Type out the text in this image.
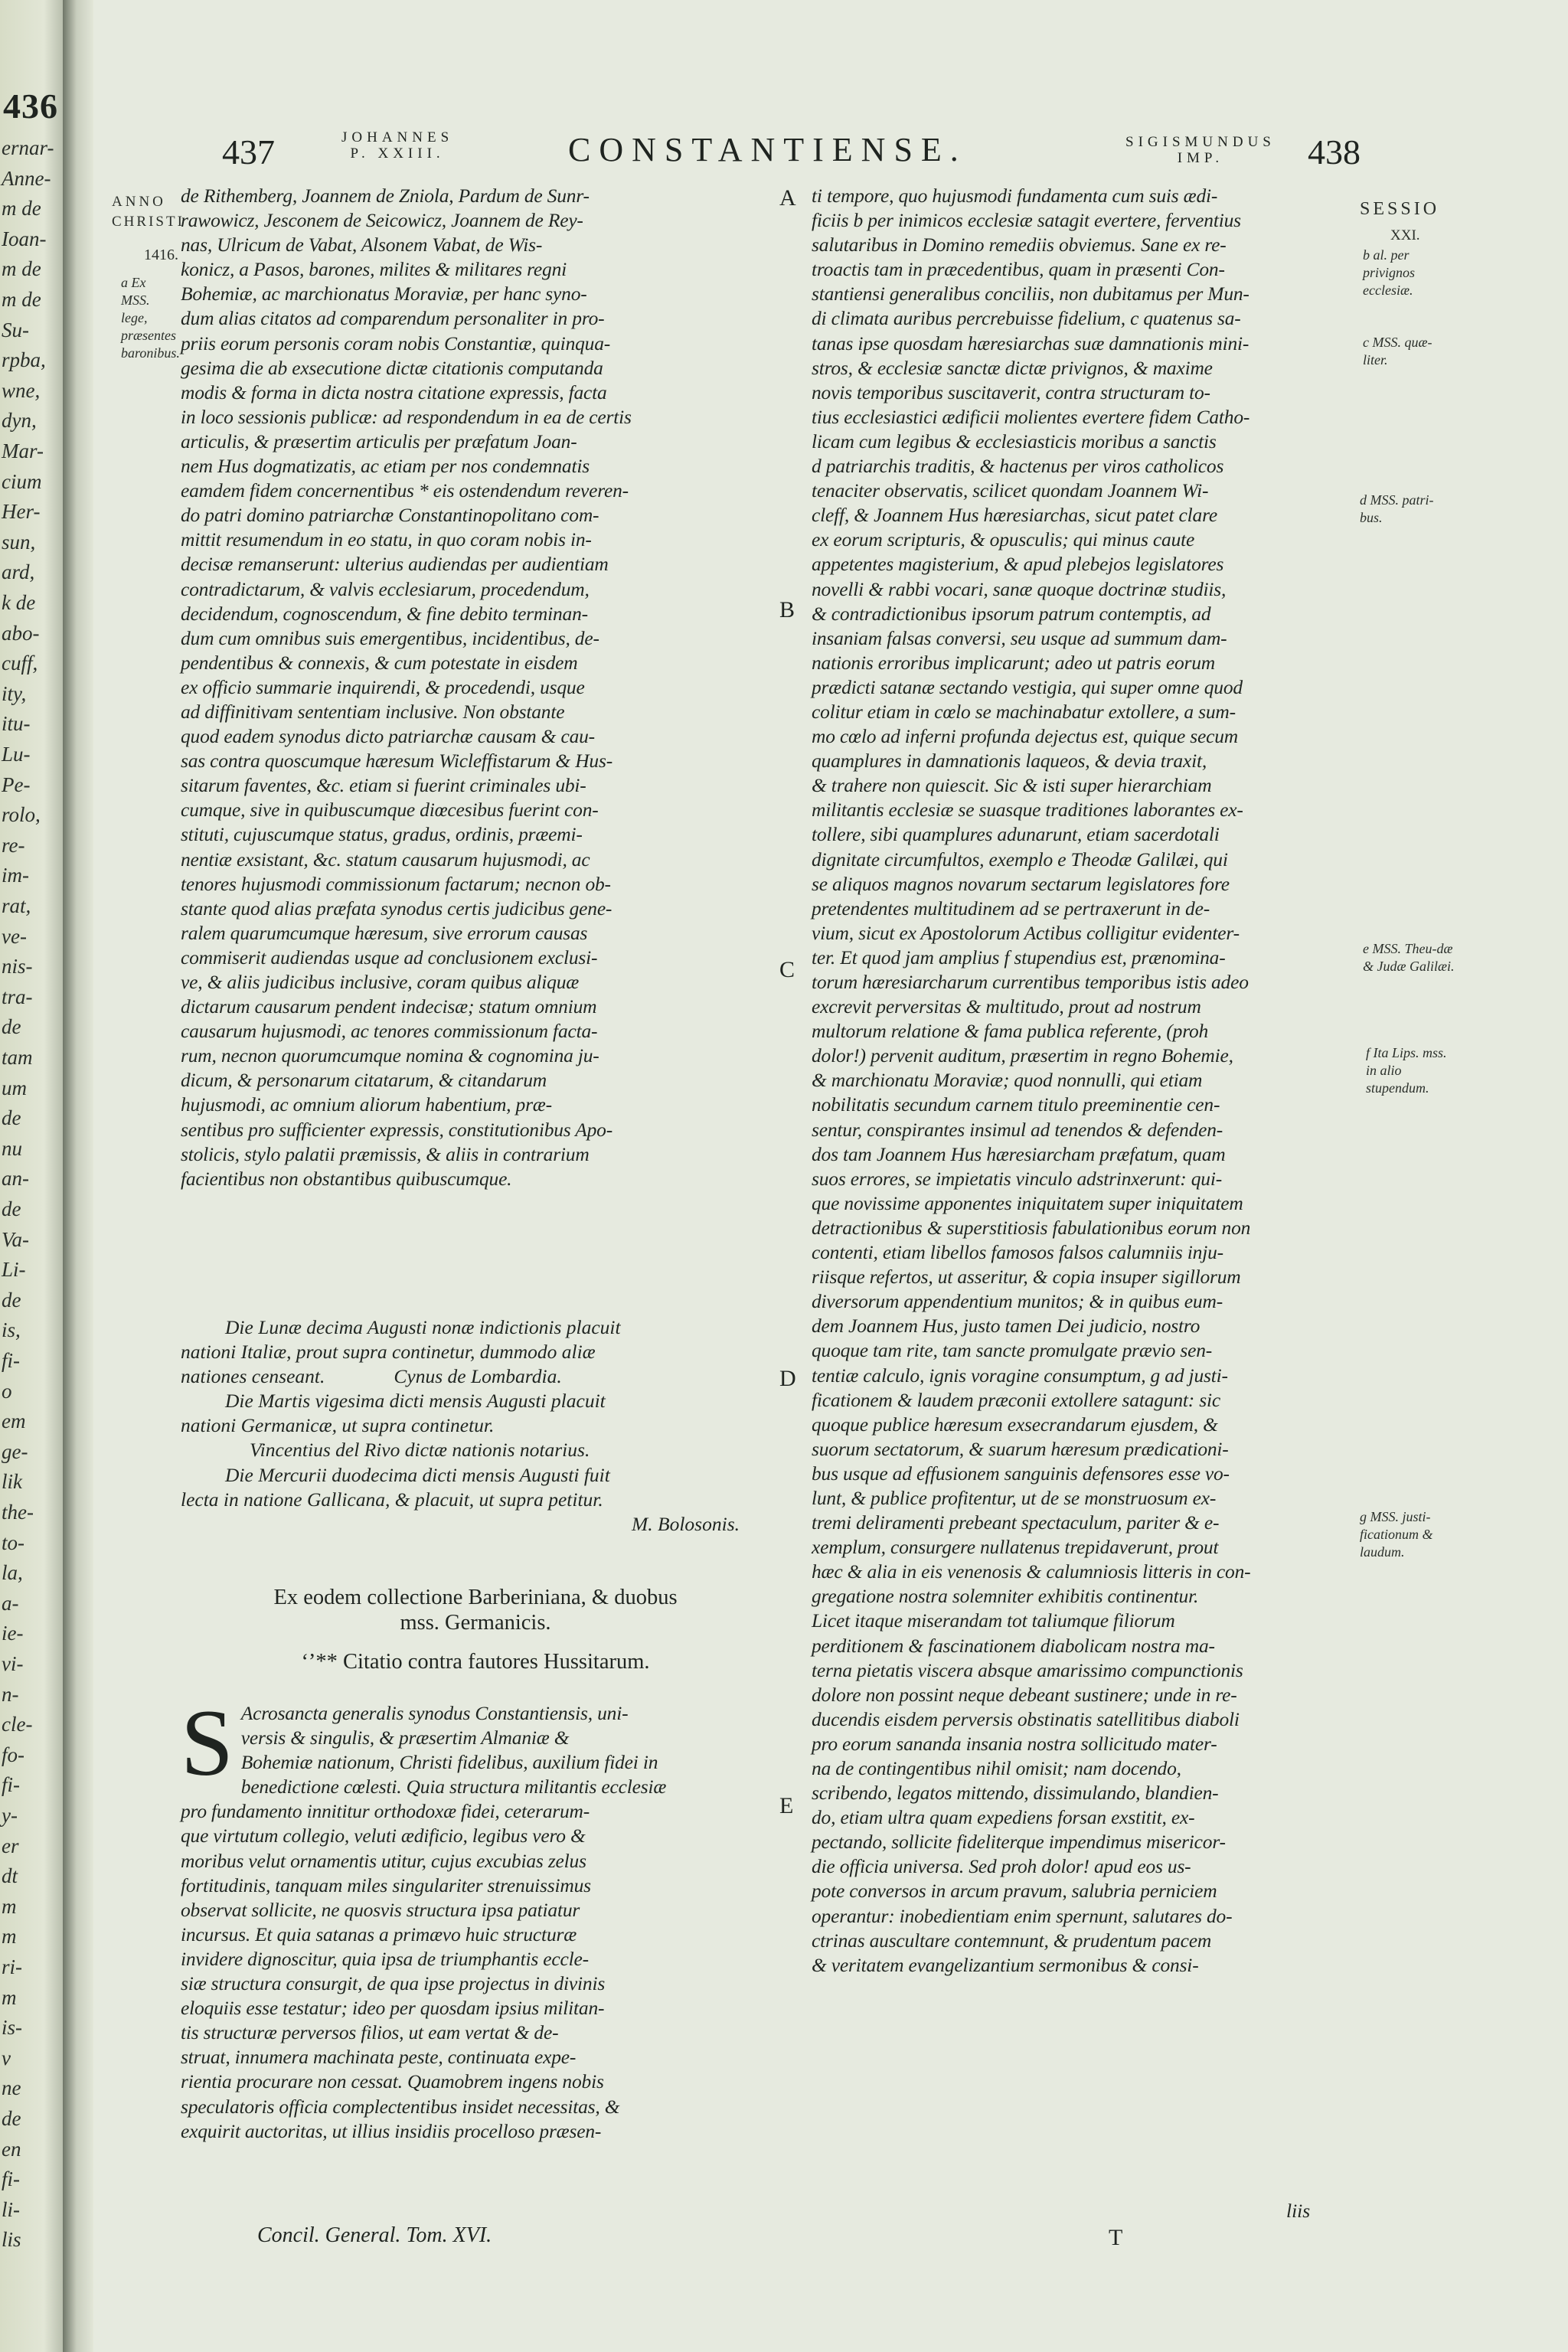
436
ernar-
Anne-
m de
Ioan-
m de
m de
Su-
rpba,
wne,
dyn,
Mar-
cium
Her-
sun,
ard,
k de
abo-
cuff,
ity,
itu-
Lu-
Pe-
rolo,
re-
im-
rat,
ve-
nis-
tra-
de
tam
um
de
nu
an-
de
Va-
Li-
de
is,
fi-
o
em
ge-
lik
the-
to-
la,
a-
ie-
vi-
n-
cle-
fo-
fi-
y-
er
dt
m
m
ri-
m
is-
v
ne
de
en
fi-
li-
lis
437	JOHANNES
P. XXIII.	CONSTANTIENSE.	SIGISMUNDUS
IMP.	438
ANNO
CHRISTI
1416.
a Ex MSS. lege, præsentes baronibus.

de Rithemberg, Joannem de Zniola, Pardum de Sunr-

rawowicz, Jesconem de Seicowicz, Joannem de Rey-

nas, Ulricum de Vabat, Alsonem Vabat, de Wis-

konicz, a Pasos, barones, milites & militares regni

Bohemiæ, ac marchionatus Moraviæ, per hanc syno-

dum alias citatos ad comparendum personaliter in pro-

priis eorum personis coram nobis Constantiæ, quinqua-

gesima die ab exsecutione dictæ citationis computanda

modis & forma in dicta nostra citatione expressis, facta

in loco sessionis publicæ: ad respondendum in ea de certis

articulis, & præsertim articulis per præfatum Joan-

nem Hus dogmatizatis, ac etiam per nos condemnatis

eamdem fidem concernentibus * eis ostendendum reveren-

do patri domino patriarchæ Constantinopolitano com-

mittit resumendum in eo statu, in quo coram nobis in-

decisæ remanserunt: ulterius audiendas per audientiam

contradictarum, & valvis ecclesiarum, procedendum,

decidendum, cognoscendum, & fine debito terminan-

dum cum omnibus suis emergentibus, incidentibus, de-

pendentibus & connexis, & cum potestate in eisdem

ex officio summarie inquirendi, & procedendi, usque

ad diffinitivam sententiam inclusive. Non obstante

quod eadem synodus dicto patriarchæ causam & cau-

sas contra quoscumque hæresum Wicleffistarum & Hus-

sitarum faventes, &c. etiam si fuerint criminales ubi-

cumque, sive in quibuscumque diœcesibus fuerint con-

stituti, cujuscumque status, gradus, ordinis, præemi-

nentiæ exsistant, &c. statum causarum hujusmodi, ac

tenores hujusmodi commissionum factarum; necnon ob-

stante quod alias præfata synodus certis judicibus gene-

ralem quarumcumque hæresum, sive errorum causas

commiserit audiendas usque ad conclusionem exclusi-

ve, & aliis judicibus inclusive, coram quibus aliquæ

dictarum causarum pendent indecisæ; statum omnium

causarum hujusmodi, ac tenores commissionum facta-

rum, necnon quorumcumque nomina & cognomina ju-

dicum, & personarum citatarum, & citandarum

hujusmodi, ac omnium aliorum habentium, præ-

sentibus pro sufficienter expressis, constitutionibus Apo-

stolicis, stylo palatii præmissis, & aliis in contrarium

facientibus non obstantibus quibuscumque.

Die Lunæ decima Augusti nonæ indictionis placuit

nationi Italiæ, prout supra continetur, dummodo aliæ

nationes censeant.	Cynus de Lombardia.

Die Martis vigesima dicti mensis Augusti placuit

nationi Germanicæ, ut supra continetur.

Vincentius del Rivo dictæ nationis notarius.

Die Mercurii duodecima dicti mensis Augusti fuit

lecta in natione Gallicana, & placuit, ut supra petitur.

M. Bolosonis.

Ex eodem collectione Barberiniana, & duobus
mss. Germanicis.
‘’** Citatio contra fautores Hussitarum.
S Acrosancta generalis synodus Constantiensis, uni-

versis & singulis, & præsertim Almaniæ &

Bohemiæ nationum, Christi fidelibus, auxilium fidei in

benedictione cœlesti. Quia structura militantis ecclesiæ

pro fundamento innititur orthodoxæ fidei, ceterarum-

que virtutum collegio, veluti ædificio, legibus vero &

moribus velut ornamentis utitur, cujus excubias zelus

fortitudinis, tanquam miles singulariter strenuissimus

observat sollicite, ne quosvis structura ipsa patiatur

incursus. Et quia satanas a primævo huic structuræ

invidere dignoscitur, quia ipsa de triumphantis eccle-

siæ structura consurgit, de qua ipse projectus in divinis

eloquiis esse testatur; ideo per quosdam ipsius militan-

tis structuræ perversos filios, ut eam vertat & de-

struat, innumera machinata peste, continuata expe-

rientia procurare non cessat. Quamobrem ingens nobis

speculatoris officia complectentibus insidet necessitas, &

exquirit auctoritas, ut illius insidiis procelloso præsen-

Concil. General. Tom. XVI.
A
B
C
D
E

ti tempore, quo hujusmodi fundamenta cum suis ædi-

ficiis b per inimicos ecclesiæ satagit evertere, ferventius

salutaribus in Domino remediis obviemus. Sane ex re-

troactis tam in præcedentibus, quam in præsenti Con-

stantiensi generalibus conciliis, non dubitamus per Mun-

di climata auribus percrebuisse fidelium, c quatenus sa-

tanas ipse quosdam hæresiarchas suæ damnationis mini-

stros, & ecclesiæ sanctæ dictæ privignos, & maxime

novis temporibus suscitaverit, contra structuram to-

tius ecclesiastici ædificii molientes evertere fidem Catho-

licam cum legibus & ecclesiasticis moribus a sanctis

d patriarchis traditis, & hactenus per viros catholicos

tenaciter observatis, scilicet quondam Joannem Wi-

cleff, & Joannem Hus hæresiarchas, sicut patet clare

ex eorum scripturis, & opusculis; qui minus caute

appetentes magisterium, & apud plebejos legislatores

novelli & rabbi vocari, sanæ quoque doctrinæ studiis,

& contradictionibus ipsorum patrum contemptis, ad

insaniam falsas conversi, seu usque ad summum dam-

nationis erroribus implicarunt; adeo ut patris eorum

prædicti satanæ sectando vestigia, qui super omne quod

colitur etiam in cœlo se machinabatur extollere, a sum-

mo cœlo ad inferni profunda dejectus est, quique secum

quamplures in damnationis laqueos, & devia traxit,

& trahere non quiescit. Sic & isti super hierarchiam

militantis ecclesiæ se suasque traditiones laborantes ex-

tollere, sibi quamplures adunarunt, etiam sacerdotali

dignitate circumfultos, exemplo e Theodæ Galilæi, qui

se aliquos magnos novarum sectarum legislatores fore

pretendentes multitudinem ad se pertraxerunt in de-

vium, sicut ex Apostolorum Actibus colligitur evidenter-

ter. Et quod jam amplius f stupendius est, prænomina-

torum hæresiarcharum currentibus temporibus istis adeo

excrevit perversitas & multitudo, prout ad nostrum

multorum relatione & fama publica referente, (proh

dolor!) pervenit auditum, præsertim in regno Bohemie,

& marchionatu Moraviæ; quod nonnulli, qui etiam

nobilitatis secundum carnem titulo preeminentie cen-

sentur, conspirantes insimul ad tenendos & defenden-

dos tam Joannem Hus hæresiarcham præfatum, quam

suos errores, se impietatis vinculo adstrinxerunt: qui-

que novissime apponentes iniquitatem super iniquitatem

detractionibus & superstitiosis fabulationibus eorum non

contenti, etiam libellos famosos falsos calumniis inju-

riisque refertos, ut asseritur, & copia insuper sigillorum

diversorum appendentium munitos; & in quibus eum-

dem Joannem Hus, justo tamen Dei judicio, nostro

quoque tam rite, tam sancte promulgate prævio sen-

tentiæ calculo, ignis voragine consumptum, g ad justi-

ficationem & laudem præconii extollere satagunt: sic

quoque publice hæresum exsecrandarum ejusdem, &

suorum sectatorum, & suarum hæresum prædicationi-

bus usque ad effusionem sanguinis defensores esse vo-

lunt, & publice profitentur, ut de se monstruosum ex-

tremi deliramenti prebeant spectaculum, pariter & e-

xemplum, consurgere nullatenus trepidaverunt, prout

hæc & alia in eis venenosis & calumniosis litteris in con-

gregatione nostra solemniter exhibitis continentur.

Licet itaque miserandam tot taliumque filiorum

perditionem & fascinationem diabolicam nostra ma-

terna pietatis viscera absque amarissimo compunctionis

dolore non possint neque debeant sustinere; unde in re-

ducendis eisdem perversis obstinatis satellitibus diaboli

pro eorum sananda insania nostra sollicitudo mater-

na de contingentibus nihil omisit; nam docendo,

scribendo, legatos mittendo, dissimulando, blandien-

do, etiam ultra quam expediens forsan exstitit, ex-

pectando, sollicite fideliterque impendimus misericor-

die officia universa. Sed proh dolor! apud eos us-

pote conversos in arcum pravum, salubria perniciem

operantur: inobedientiam enim spernunt, salutares do-

ctrinas auscultare contemnunt, & prudentum pacem

& veritatem evangelizantium sermonibus & consi-

T
liis
SESSIO
XXI.
b al. per privignos ecclesiæ.
c MSS. quæ-liter.
d MSS. patri-bus.
e MSS. Theu-dæ & Judæ Galilæi.
f Ita Lips. mss. in alio stupendum.
g MSS. justi-ficationum & laudum.
